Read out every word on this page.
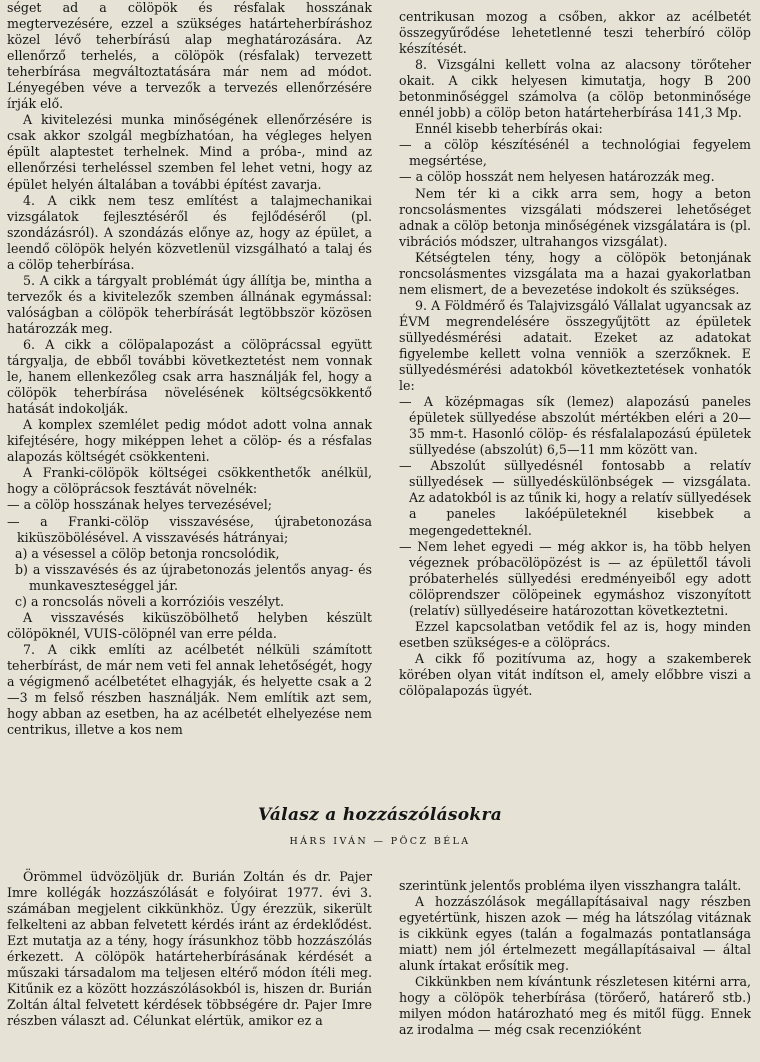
séget ad a cölöpök és résfalak hosszának megtervezésére, ezzel a szükséges határteherbíráshoz közel lévő teherbírású alap meghatározására. Az ellenőrző terhelés, a cölöpök (résfalak) tervezett teherbírása megváltoztatására már nem ad módot. Lényegében véve a tervezők a tervezés ellenőrzésére írják elő.

A kivitelezési munka minőségének ellenőrzésére is csak akkor szolgál megbízhatóan, ha végleges helyen épült alaptestet terhelnek. Mind a próba-, mind az ellenőrzési terheléssel szemben fel lehet vetni, hogy az épület helyén általában a további építést zavarja.

4. A cikk nem tesz említést a talajmechanikai vizsgálatok fejlesztéséről és fejlődéséről (pl. szondázásról). A szondázás előnye az, hogy az épület, a leendő cölöpök helyén közvetlenül vizsgálható a talaj és a cölöp teherbírása.

5. A cikk a tárgyalt problémát úgy állítja be, mintha a tervezők és a kivitelezők szemben állnának egymással: valóságban a cölöpök teherbírását legtöbbször közösen határozzák meg.

6. A cikk a cölöpalapozást a cölöprácssal együtt tárgyalja, de ebből további következtetést nem vonnak le, hanem ellenkezőleg csak arra használják fel, hogy a cölöpök teherbírása növelésének költségcsökkentő hatását indokolják.

A komplex szemlélet pedig módot adott volna annak kifejtésére, hogy miképpen lehet a cölöp- és a résfalas alapozás költségét csökkenteni.

A Franki-cölöpök költségei csökkenthetők anélkül, hogy a cölöprácsok fesztávát növelnék:

— a cölöp hosszának helyes tervezésével;

— a Franki-cölöp visszavésése, újrabetonozása kiküszöbölésével. A visszavésés hátrányai;

a) a vésessel a cölöp betonja roncsolódik,

b) a visszavésés és az újrabetonozás jelentős anyag- és munkaveszteséggel jár.

c) a roncsolás növeli a korrózióis veszélyt.

A visszavésés kiküszöbölhető helyben készült cölöpöknél, VUIS-cölöpnél van erre példa.

7. A cikk említi az acélbetét nélküli számított teherbírást, de már nem veti fel annak lehetőségét, hogy a végigmenő acélbetétet elhagyják, és helyette csak a 2—3 m felső részben használják. Nem említik azt sem, hogy abban az esetben, ha az acélbetét elhelyezése nem centrikus, illetve a kos nem

centrikusan mozog a csőben, akkor az acélbetét összegyűrődése lehetetlenné teszi teherbíró cölöp készítését.

8. Vizsgálni kellett volna az alacsony törőteher okait. A cikk helyesen kimutatja, hogy B 200 betonminőséggel számolva (a cölöp betonminősége ennél jobb) a cölöp beton határteherbírása 141,3 Mp.

Ennél kisebb teherbírás okai:

— a cölöp készítésénél a technológiai fegyelem megsértése,

— a cölöp hosszát nem helyesen határozzák meg.

Nem tér ki a cikk arra sem, hogy a beton roncsolásmentes vizsgálati módszerei lehetőséget adnak a cölöp betonja minőségének vizsgálatára is (pl. vibrációs módszer, ultrahangos vizsgálat).

Kétségtelen tény, hogy a cölöpök betonjának roncsolásmentes vizsgálata ma a hazai gyakorlatban nem elismert, de a bevezetése indokolt és szükséges.

9. A Földmérő és Talajvizsgáló Vállalat ugyancsak az ÉVM megrendelésére összegyűjtött az épületek süllyedésmérési adatait. Ezeket az adatokat figyelembe kellett volna venniök a szerzőknek. E süllyedésmérési adatokból következtetések vonhatók le:

— A középmagas sík (lemez) alapozású paneles épületek süllyedése abszolút mértékben eléri a 20—35 mm-t. Hasonló cölöp- és résfalalapozású épületek süllyedése (abszolút) 6,5—11 mm között van.

— Abszolút süllyedésnél fontosabb a relatív süllyedések — süllyedéskülönbségek — vizsgálata. Az adatokból is az tűnik ki, hogy a relatív süllyedések a paneles lakóépületeknél kisebbek a megengedetteknél.

— Nem lehet egyedi — még akkor is, ha több helyen végeznek próbacölöpözést is — az épülettől távoli próbaterhelés süllyedési eredményeiből egy adott cölöprendszer cölöpeinek egymáshoz viszonyított (relatív) süllyedéseire határozottan következtetni.

Ezzel kapcsolatban vetődik fel az is, hogy minden esetben szükséges-e a cölöprács.

A cikk fő pozitívuma az, hogy a szakemberek körében olyan vitát indítson el, amely előbbre viszi a cölöpalapozás ügyét.

Válasz a hozzászólásokra
HÁRS IVÁN — PÖCZ BÉLA

Örömmel üdvözöljük dr. Burián Zoltán és dr. Pajer Imre kollégák hozzászólását e folyóirat 1977. évi 3. számában megjelent cikkünkhöz. Úgy érezzük, sikerült felkelteni az abban felvetett kérdés iránt az érdeklődést. Ezt mutatja az a tény, hogy írásunkhoz több hozzászólás érkezett. A cölöpök határteherbírásának kérdését a műszaki társadalom ma teljesen eltérő módon ítéli meg. Kitűnik ez a között hozzászólásokból is, hiszen dr. Burián Zoltán által felvetett kérdések többségére dr. Pajer Imre részben választ ad. Célunkat elértük, amikor ez a

szerintünk jelentős probléma ilyen visszhangra talált.

A hozzászólások megállapításaival nagy részben egyetértünk, hiszen azok — még ha látszólag vitáznak is cikkünk egyes (talán a fogalmazás pontatlansága miatt) nem jól értelmezett megállapításaival — által alunk írtakat erősítik meg.

Cikkünkben nem kívántunk részletesen kitérni arra, hogy a cölöpök teherbírása (törőerő, határerő stb.) milyen módon határozható meg és mitől függ. Ennek az irodalma — még csak recenzióként
